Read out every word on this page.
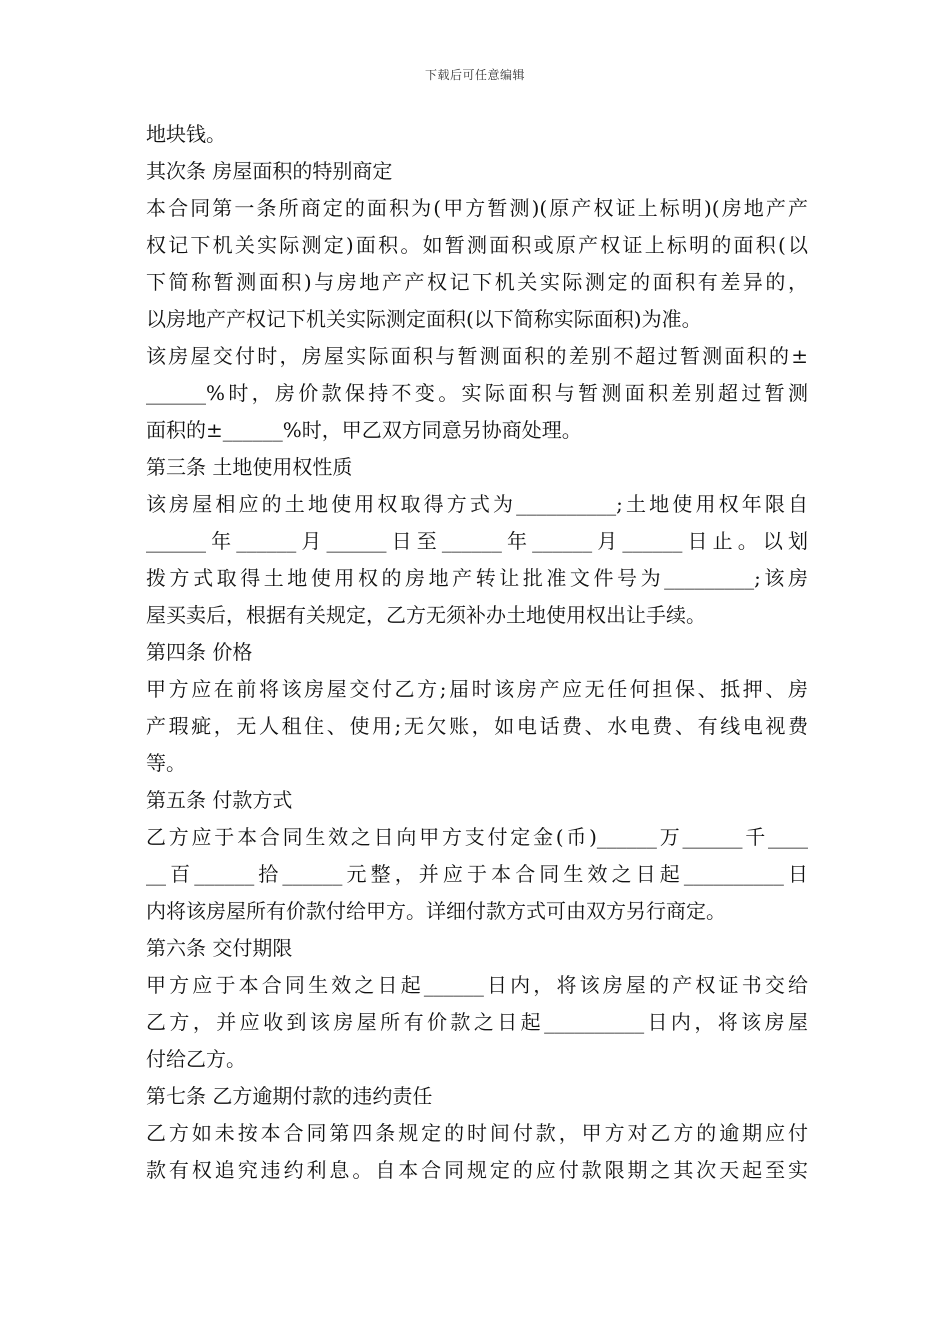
下载后可任意编辑
地块钱。
其次条 房屋面积的特别商定
本合同第一条所商定的面积为(甲方暂测)(原产权证上标明)(房地产产
权记下机关实际测定)面积。如暂测面积或原产权证上标明的面积(以
下简称暂测面积)与房地产产权记下机关实际测定的面积有差异的，
以房地产产权记下机关实际测定面积(以下简称实际面积)为准。
该房屋交付时，房屋实际面积与暂测面积的差别不超过暂测面积的±
______%时，房价款保持不变。实际面积与暂测面积差别超过暂测
面积的±______%时，甲乙双方同意另协商处理。
第三条 土地使用权性质
该房屋相应的土地使用权取得方式为__________;土地使用权年限自
______年______月______日至______年______月______日止。以划
拨方式取得土地使用权的房地产转让批准文件号为_________;该房
屋买卖后，根据有关规定，乙方无须补办土地使用权出让手续。
第四条 价格
甲方应在前将该房屋交付乙方;届时该房产应无任何担保、抵押、房
产瑕疵，无人租住、使用;无欠账，如电话费、水电费、有线电视费
等。
第五条 付款方式
乙方应于本合同生效之日向甲方支付定金(币)______万______千____
__百______拾______元整，并应于本合同生效之日起__________日
内将该房屋所有价款付给甲方。详细付款方式可由双方另行商定。
第六条 交付期限
甲方应于本合同生效之日起______日内，将该房屋的产权证书交给
乙方，并应收到该房屋所有价款之日起__________日内，将该房屋
付给乙方。
第七条 乙方逾期付款的违约责任
乙方如未按本合同第四条规定的时间付款，甲方对乙方的逾期应付
款有权追究违约利息。自本合同规定的应付款限期之其次天起至实
